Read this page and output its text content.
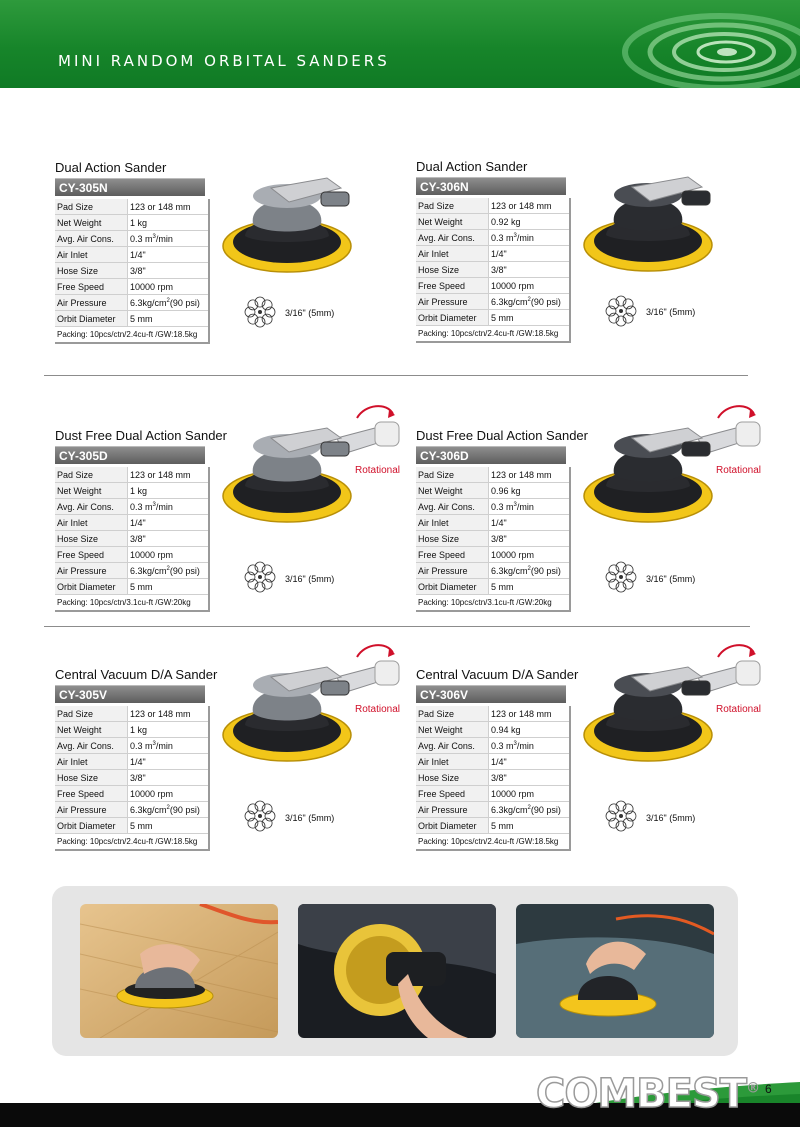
MINI RANDOM ORBITAL SANDERS
Dual Action Sander
CY-305N
Pad Size	123 or 148 mm
Net Weight	1 kg
Avg. Air Cons.	0.3 $m^3/\min$
Air Inlet	1/4"
Hose Size	3/8"
Free Speed	10000 rpm
Air Pressure	$6.3kg/cm^2(90$ psi)
Orbit Diameter	5 mm
Packing: 10pcs/ctn/2.4cu-ft /GW:18.5kg	
3/16" (5mm)
Dual Action Sander
CY-306N
Pad Size	123 or 148 mm
Net Weight	0.92 kg
Avg. Air Cons.	0.3 $m^3/\min$
Air Inlet	1/4"
Hose Size	3/8"
Free Speed	10000 rpm
Air Pressure	$6.3kg/cm^2(90$ psi)
Orbit Diameter	5 mm
Packing: 10pcs/ctn/2.4cu-ft /GW:18.5kg	
3/16" (5mm)
Dust Free Dual Action Sander
CY-305D
Pad Size	123 or 148 mm
Net Weight	1 kg
Avg. Air Cons.	0.3 $m^3/\min$
Air Inlet	1/4"
Hose Size	3/8"
Free Speed	10000 rpm
Air Pressure	$6.3kg/cm^2(90$ psi)
Orbit Diameter	5 mm
Packing: 10pcs/ctn/3.1cu-ft /GW:20kg	
3/16" (5mm)
Rotational
Dust Free Dual Action Sander
CY-306D
Pad Size	123 or 148 mm
Net Weight	0.96 kg
Avg. Air Cons.	0.3 $m^3/\min$
Air Inlet	1/4"
Hose Size	3/8"
Free Speed	10000 rpm
Air Pressure	$6.3kg/cm^2(90$ psi)
Orbit Diameter	5 mm
Packing: 10pcs/ctn/3.1cu-ft /GW:20kg	
3/16" (5mm)
Rotational
Central Vacuum D/A Sander
CY-305V
Pad Size	123 or 148 mm
Net Weight	1 kg
Avg. Air Cons.	0.3 $m^3/\min$
Air Inlet	1/4"
Hose Size	3/8"
Free Speed	10000 rpm
Air Pressure	$6.3kg/cm^2(90$ psi)
Orbit Diameter	5 mm
Packing: 10pcs/ctn/2.4cu-ft /GW:18.5kg	
3/16" (5mm)
Rotational
Central Vacuum D/A Sander
CY-306V
Pad Size	123 or 148 mm
Net Weight	0.94 kg
Avg. Air Cons.	0.3 $m^3/\min$
Air Inlet	1/4"
Hose Size	3/8"
Free Speed	10000 rpm
Air Pressure	$6.3kg/cm^2(90$ psi)
Orbit Diameter	5 mm
Packing: 10pcs/ctn/2.4cu-ft /GW:18.5kg	
3/16" (5mm)
Rotational
COMBEST® 6
